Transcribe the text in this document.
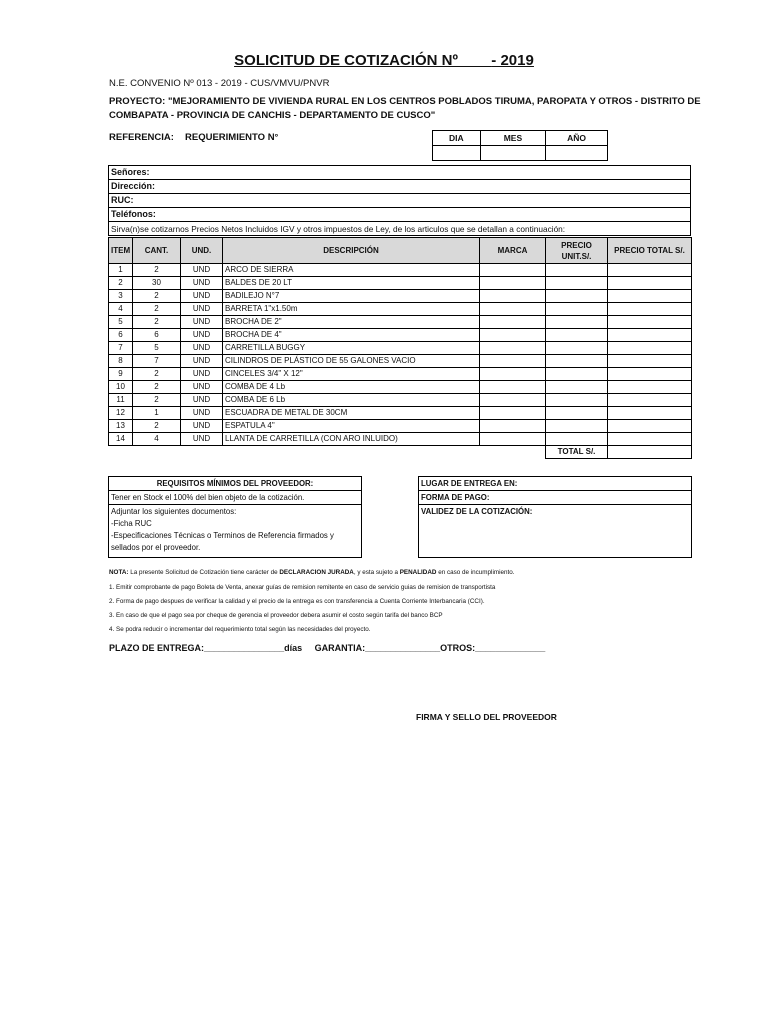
SOLICITUD DE COTIZACIÓN Nº - 2019
N.E. CONVENIO Nº 013 - 2019 - CUS/VMVU/PNVR
PROYECTO: "MEJORAMIENTO DE VIVIENDA RURAL EN LOS CENTROS POBLADOS TIRUMA, PAROPATA Y OTROS - DISTRITO DE
COMBAPATA - PROVINCIA DE CANCHIS - DEPARTAMENTO DE CUSCO"
REFERENCIA: REQUERIMIENTO N°	DIA	MES	AÑO

Señores:
Dirección:
RUC:
Teléfonos:
Sirva(n)se cotizarnos Precios Netos Incluidos IGV y otros impuestos de Ley, de los articulos que se detallan a continuación:
ITEM	CANT.	UND.	DESCRIPCIÓN	MARCA	PRECIO UNIT.S/.	PRECIO TOTAL S/.
1	2	UND	ARCO DE SIERRA			
2	30	UND	BALDES DE 20 LT			
3	2	UND	BADILEJO N°7			
4	2	UND	BARRETA 1"x1.50m			
5	2	UND	BROCHA DE 2"			
6	6	UND	BROCHA DE 4"			
7	5	UND	CARRETILLA BUGGY			
8	7	UND	CILINDROS DE PLÁSTICO DE 55 GALONES VACIO			
9	2	UND	CINCELES 3/4" X 12"			
10	2	UND	COMBA DE 4 Lb			
11	2	UND	COMBA DE 6 Lb			
12	1	UND	ESCUADRA DE METAL DE 30CM			
13	2	UND	ESPATULA 4"			
14	4	UND	LLANTA DE CARRETILLA (CON ARO INLUIDO)			
					TOTAL S/.	
REQUISITOS MÍNIMOS DEL PROVEEDOR:
Tener en Stock el 100% del bien objeto de la cotización.
Adjuntar los siguientes documentos:
-Ficha RUC
-Especificaciones Técnicas o Terminos de Referencia firmados y
sellados por el proveedor.
LUGAR DE ENTREGA EN:
FORMA DE PAGO:
VALIDEZ DE LA COTIZACIÓN:
NOTA: La presente Solicitud de Cotización tiene carácter de DECLARACION JURADA, y esta sujeto a PENALIDAD en caso de incumplimiento.
1. Emitir comprobante de pago Boleta de Venta, anexar guías de remision remitente en caso de servicio guias de remision de transportista
2. Forma de pago despues de verificar la calidad y el precio de la entrega es con transferencia a Cuenta Corriente Interbancaria (CCI).
3. En caso de que el pago sea por cheque de gerencia el proveedor debera asumir el costo según tarifa del banco BCP
4. Se podra reducir o incrementar del requerimiento total según las necesidades del proyecto.
PLAZO DE ENTREGA:________________días     GARANTIA:_______________OTROS:______________
FIRMA Y SELLO DEL PROVEEDOR
